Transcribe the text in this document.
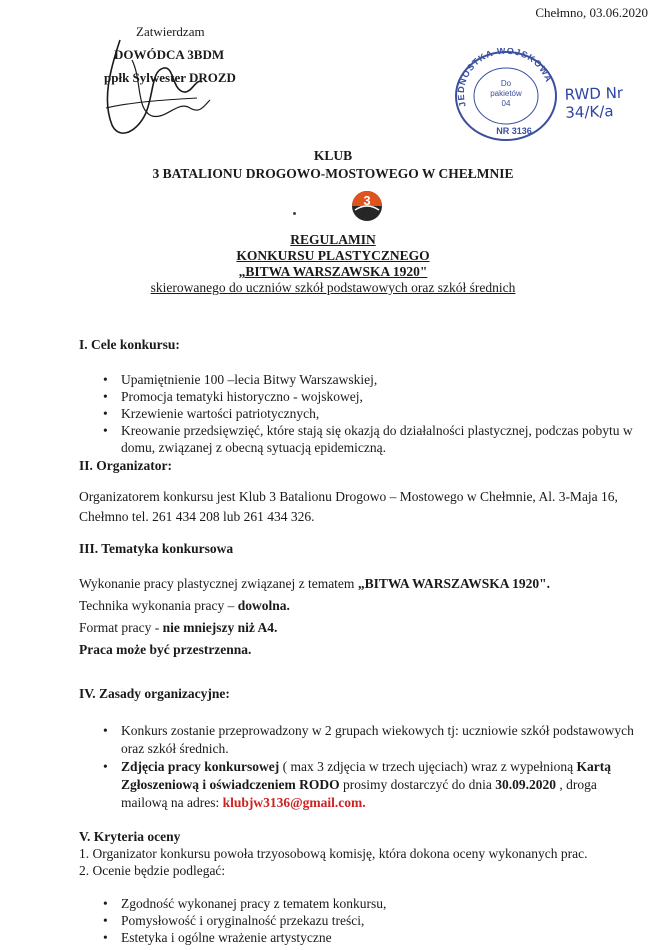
Chełmno, 03.06.2020
Zatwierdzam
DOWÓDCA 3BDM
ppłk Sylwester DROZD
JEDNOSTKA WOJSKOWA
Do
pakietów
04
NR 3136
RWD Nr 34/K/a
KLUB
3 BATALIONU DROGOWO-MOSTOWEGO W CHEŁMNIE
3
REGULAMIN
KONKURSU PLASTYCZNEGO
„BITWA WARSZAWSKA 1920"
skierowanego do uczniów szkół podstawowych oraz szkół średnich
I. Cele konkursu:
• Upamiętnienie 100 –lecia Bitwy Warszawskiej,
• Promocja tematyki historyczno - wojskowej,
• Krzewienie wartości patriotycznych,
• Kreowanie przedsięwzięć, które stają się okazją do działalności plastycznej, podczas pobytu w domu, związanej z obecną sytuacją epidemiczną.
II. Organizator:

Organizatorem konkursu jest Klub 3 Batalionu Drogowo – Mostowego w Chełmnie, Al. 3-Maja 16, Chełmno tel. 261 434 208 lub 261 434 326.

III. Tematyka konkursowa

Wykonanie pracy plastycznej związanej z tematem „BITWA WARSZAWSKA 1920".

Technika wykonania pracy – dowolna.

Format pracy - nie mniejszy niż A4.

Praca może być przestrzenna.

IV. Zasady organizacyjne:
• Konkurs zostanie przeprowadzony w 2 grupach wiekowych tj: uczniowie szkół podstawowych oraz szkół średnich.
• Zdjęcia pracy konkursowej ( max 3 zdjęcia w trzech ujęciach) wraz z wypełnioną Kartą Zgłoszeniową i oświadczeniem RODO prosimy dostarczyć do dnia 30.09.2020 , droga mailową na adres: klubjw3136@gmail.com.
V. Kryteria oceny

1. Organizator konkursu powoła trzyosobową komisję, która dokona oceny wykonanych prac.

2. Ocenie będzie podlegać:

• Zgodność wykonanej pracy z tematem konkursu,
• Pomysłowość i oryginalność przekazu treści,
• Estetyka i ogólne wrażenie artystyczne
